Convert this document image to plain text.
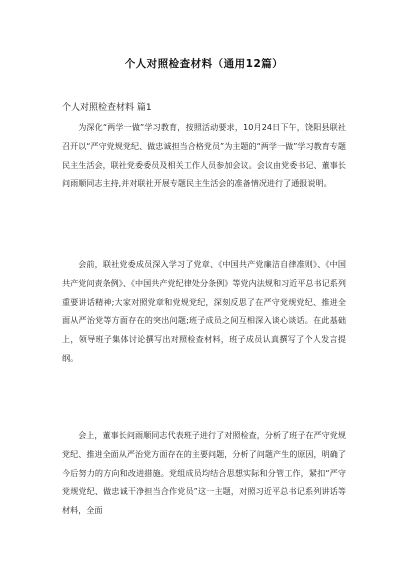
个人对照检查材料（通用12篇）
个人对照检查材料 篇1

为深化“两学一做”学习教育，按照活动要求，10月24日下午，饶阳县联社召开以“严守党规党纪、做忠诚担当合格党员”为主题的“两学一做”学习教育专题民主生活会，联社党委委员及相关工作人员参加会议。会议由党委书记、董事长问雨顺同志主持,并对联社开展专题民主生活会的准备情况进行了通报说明。

会前，联社党委成员深入学习了党章、《中国共产党廉洁自律准则》、《中国共产党问责条例》、《中国共产党纪律处分条例》等党内法规和习近平总书记系列重要讲话精神;大家对照党章和党规党纪，深刻反思了在严守党规党纪、推进全面从严治党等方面存在的突出问题;班子成员之间互相深入谈心谈话。在此基础上，领导班子集体讨论撰写出对照检查材料，班子成员认真撰写了个人发言提纲。

会上，董事长问雨顺同志代表班子进行了对照检查，分析了班子在严守党规党纪、推进全面从严治党方面存在的主要问题，分析了问题产生的原因，明确了今后努力的方向和改进措施。党组成员均结合思想实际和分管工作，紧扣“严守党规党纪、做忠诚干净担当合作党员”这一主题，对照习近平总书记系列讲话等材料，全面
